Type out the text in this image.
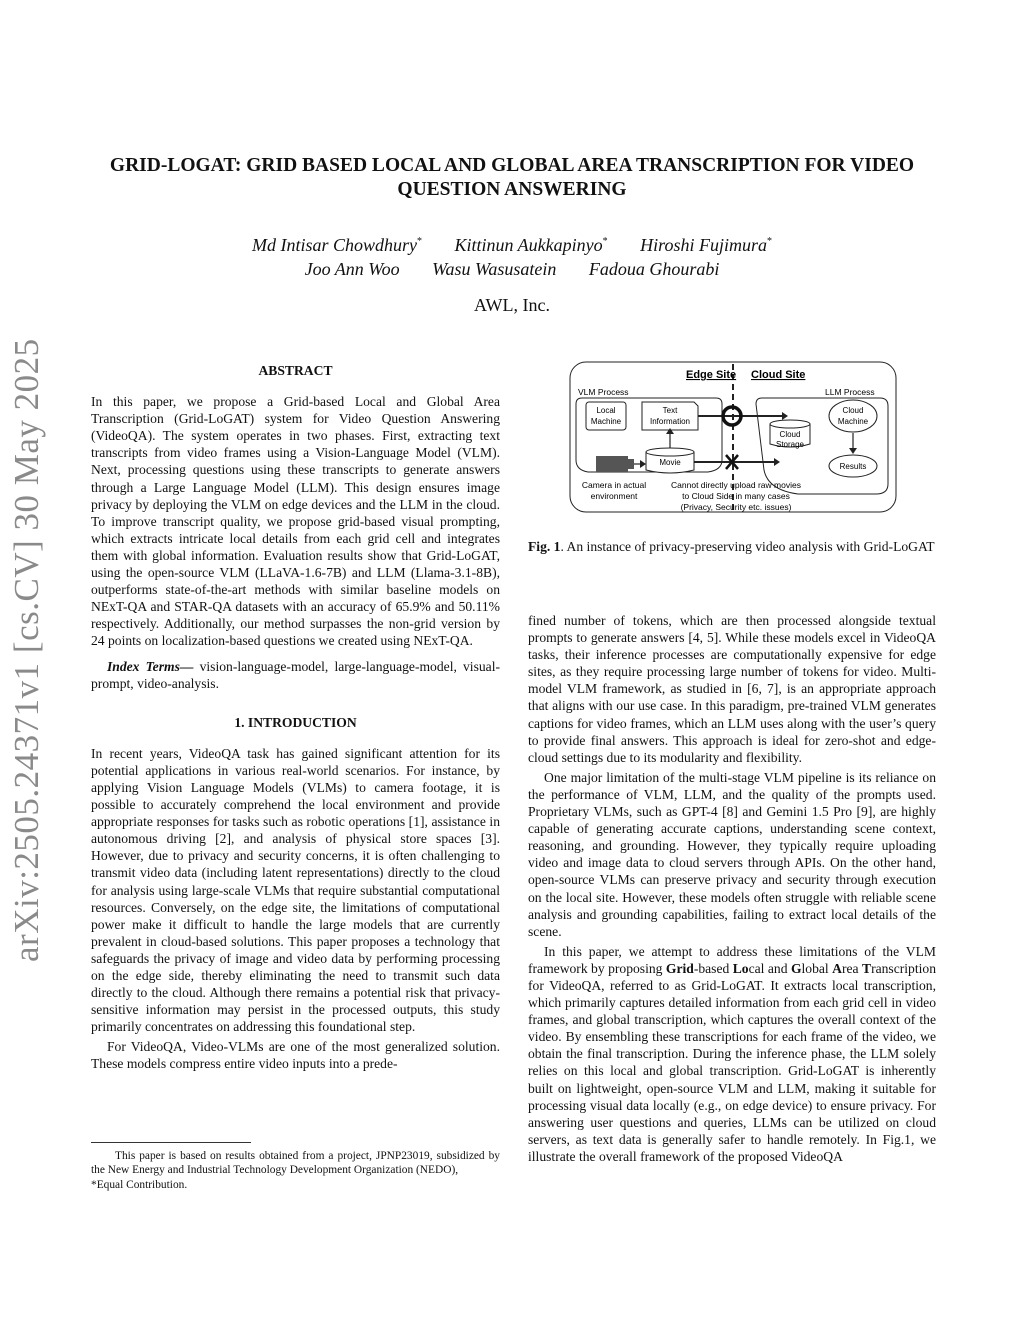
arXiv:2505.24371v1 [cs.CV] 30 May 2025
GRID-LOGAT: GRID BASED LOCAL AND GLOBAL AREA TRANSCRIPTION FOR VIDEO QUESTION ANSWERING
Md Intisar Chowdhury* Kittinun Aukkapinyo* Hiroshi Fujimura*
Joo Ann Woo Wasu Wasusatein Fadoua Ghourabi
AWL, Inc.
ABSTRACT

In this paper, we propose a Grid-based Local and Global Area Transcription (Grid-LoGAT) system for Video Question Answering (VideoQA). The system operates in two phases. First, extracting text transcripts from video frames using a Vision-Language Model (VLM). Next, processing questions using these transcripts to generate answers through a Large Language Model (LLM). This design ensures image privacy by deploying the VLM on edge devices and the LLM in the cloud. To improve transcript quality, we propose grid-based visual prompting, which extracts intricate local details from each grid cell and integrates them with global information. Evaluation results show that Grid-LoGAT, using the open-source VLM (LLaVA-1.6-7B) and LLM (Llama-3.1-8B), outperforms state-of-the-art methods with similar baseline models on NExT-QA and STAR-QA datasets with an accuracy of 65.9% and 50.11% respectively. Additionally, our method surpasses the non-grid version by 24 points on localization-based questions we created using NExT-QA.

Index Terms— vision-language-model, large-language-model, visual-prompt, video-analysis.

1. INTRODUCTION

In recent years, VideoQA task has gained significant attention for its potential applications in various real-world scenarios. For instance, by applying Vision Language Models (VLMs) to camera footage, it is possible to accurately comprehend the local environment and provide appropriate responses for tasks such as robotic operations [1], assistance in autonomous driving [2], and analysis of physical store spaces [3]. However, due to privacy and security concerns, it is often challenging to transmit video data (including latent representations) directly to the cloud for analysis using large-scale VLMs that require substantial computational resources. Conversely, on the edge site, the limitations of computational power make it difficult to handle the large models that are currently prevalent in cloud-based solutions. This paper proposes a technology that safeguards the privacy of image and video data by performing processing on the edge side, thereby eliminating the need to transmit such data directly to the cloud. Although there remains a potential risk that privacy-sensitive information may persist in the processed outputs, this study primarily concentrates on addressing this foundational step.

For VideoQA, Video-VLMs are one of the most generalized solution. These models compress entire video inputs into a prede-

This paper is based on results obtained from a project, JPNP23019, subsidized by the New Energy and Industrial Technology Development Organization (NEDO),

*Equal Contribution.

Edge Site Cloud Site
VLM Process	LLM Process
Local
Machine
Text
Information
Cloud
Storage
Cloud
Machine
Results
Movie
Camera in actual
environment
Cannot directly upload raw movies
to Cloud Side in many cases
(Privacy, Security etc. issues)
Fig. 1. An instance of privacy-preserving video analysis with Grid-LoGAT

fined number of tokens, which are then processed alongside textual prompts to generate answers [4, 5]. While these models excel in VideoQA tasks, their inference processes are computationally expensive for edge sites, as they require processing large number of tokens for video. Multi-model VLM framework, as studied in [6, 7], is an appropriate approach that aligns with our use case. In this paradigm, pre-trained VLM generates captions for video frames, which an LLM uses along with the user’s query to provide final answers. This approach is ideal for zero-shot and edge-cloud settings due to its modularity and flexibility.

One major limitation of the multi-stage VLM pipeline is its reliance on the performance of VLM, LLM, and the quality of the prompts used. Proprietary VLMs, such as GPT-4 [8] and Gemini 1.5 Pro [9], are highly capable of generating accurate captions, understanding scene context, reasoning, and grounding. However, they typically require uploading video and image data to cloud servers through APIs. On the other hand, open-source VLMs can preserve privacy and security through execution on the local site. However, these models often struggle with reliable scene analysis and grounding capabilities, failing to extract local details of the scene.

In this paper, we attempt to address these limitations of the VLM framework by proposing Grid-based Local and Global Area Transcription for VideoQA, referred to as Grid-LoGAT. It extracts local transcription, which primarily captures detailed information from each grid cell in video frames, and global transcription, which captures the overall context of the video. By ensembling these transcriptions for each frame of the video, we obtain the final transcription. During the inference phase, the LLM solely relies on this local and global transcription. Grid-LoGAT is inherently built on lightweight, open-source VLM and LLM, making it suitable for processing visual data locally (e.g., on edge device) to ensure privacy. For answering user questions and queries, LLMs can be utilized on cloud servers, as text data is generally safer to handle remotely. In Fig.1, we illustrate the overall framework of the proposed VideoQA
